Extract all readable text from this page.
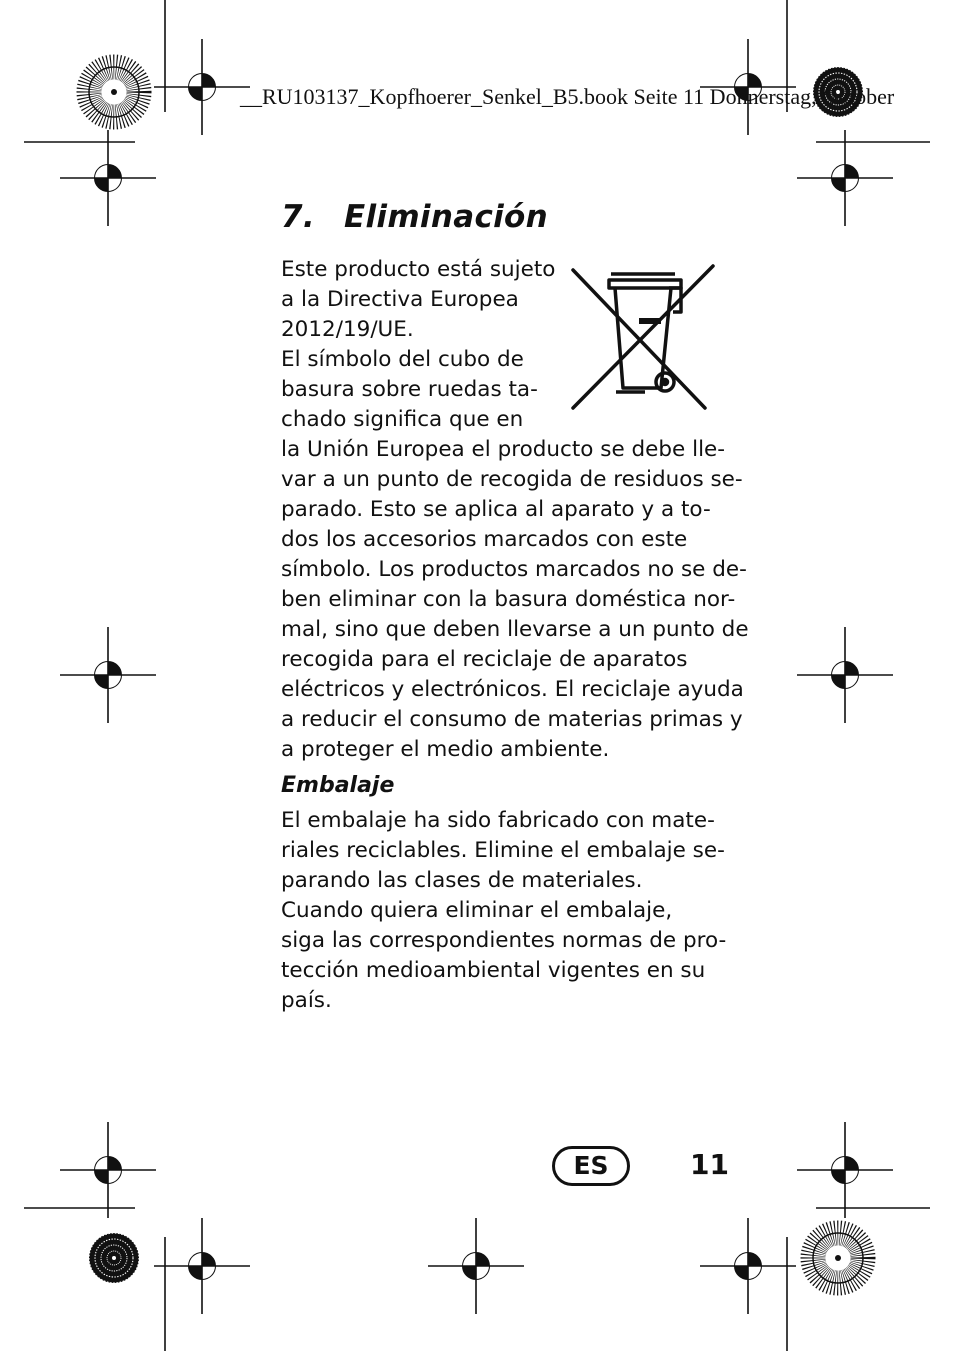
__RU103137_Kopfhoerer_Senkel_B5.book Seite 11 Donnerstag, Oktober
7. Eliminación
Este producto está sujeto
a la Directiva Europea
2012/19/UE.
El símbolo del cubo de
basura sobre ruedas ta-
chado significa que en
la Unión Europea el producto se debe lle-
var a un punto de recogida de residuos se-
parado. Esto se aplica al aparato y a to-
dos los accesorios marcados con este
símbolo. Los productos marcados no se de-
ben eliminar con la basura doméstica nor-
mal, sino que deben llevarse a un punto de
recogida para el reciclaje de aparatos
eléctricos y electrónicos. El reciclaje ayuda
a reducir el consumo de materias primas y
a proteger el medio ambiente.
Embalaje
El embalaje ha sido fabricado con mate-
riales reciclables. Elimine el embalaje se-
parando las clases de materiales.
Cuando quiera eliminar el embalaje,
siga las correspondientes normas de pro-
tección medioambiental vigentes en su
país.
ES	11
